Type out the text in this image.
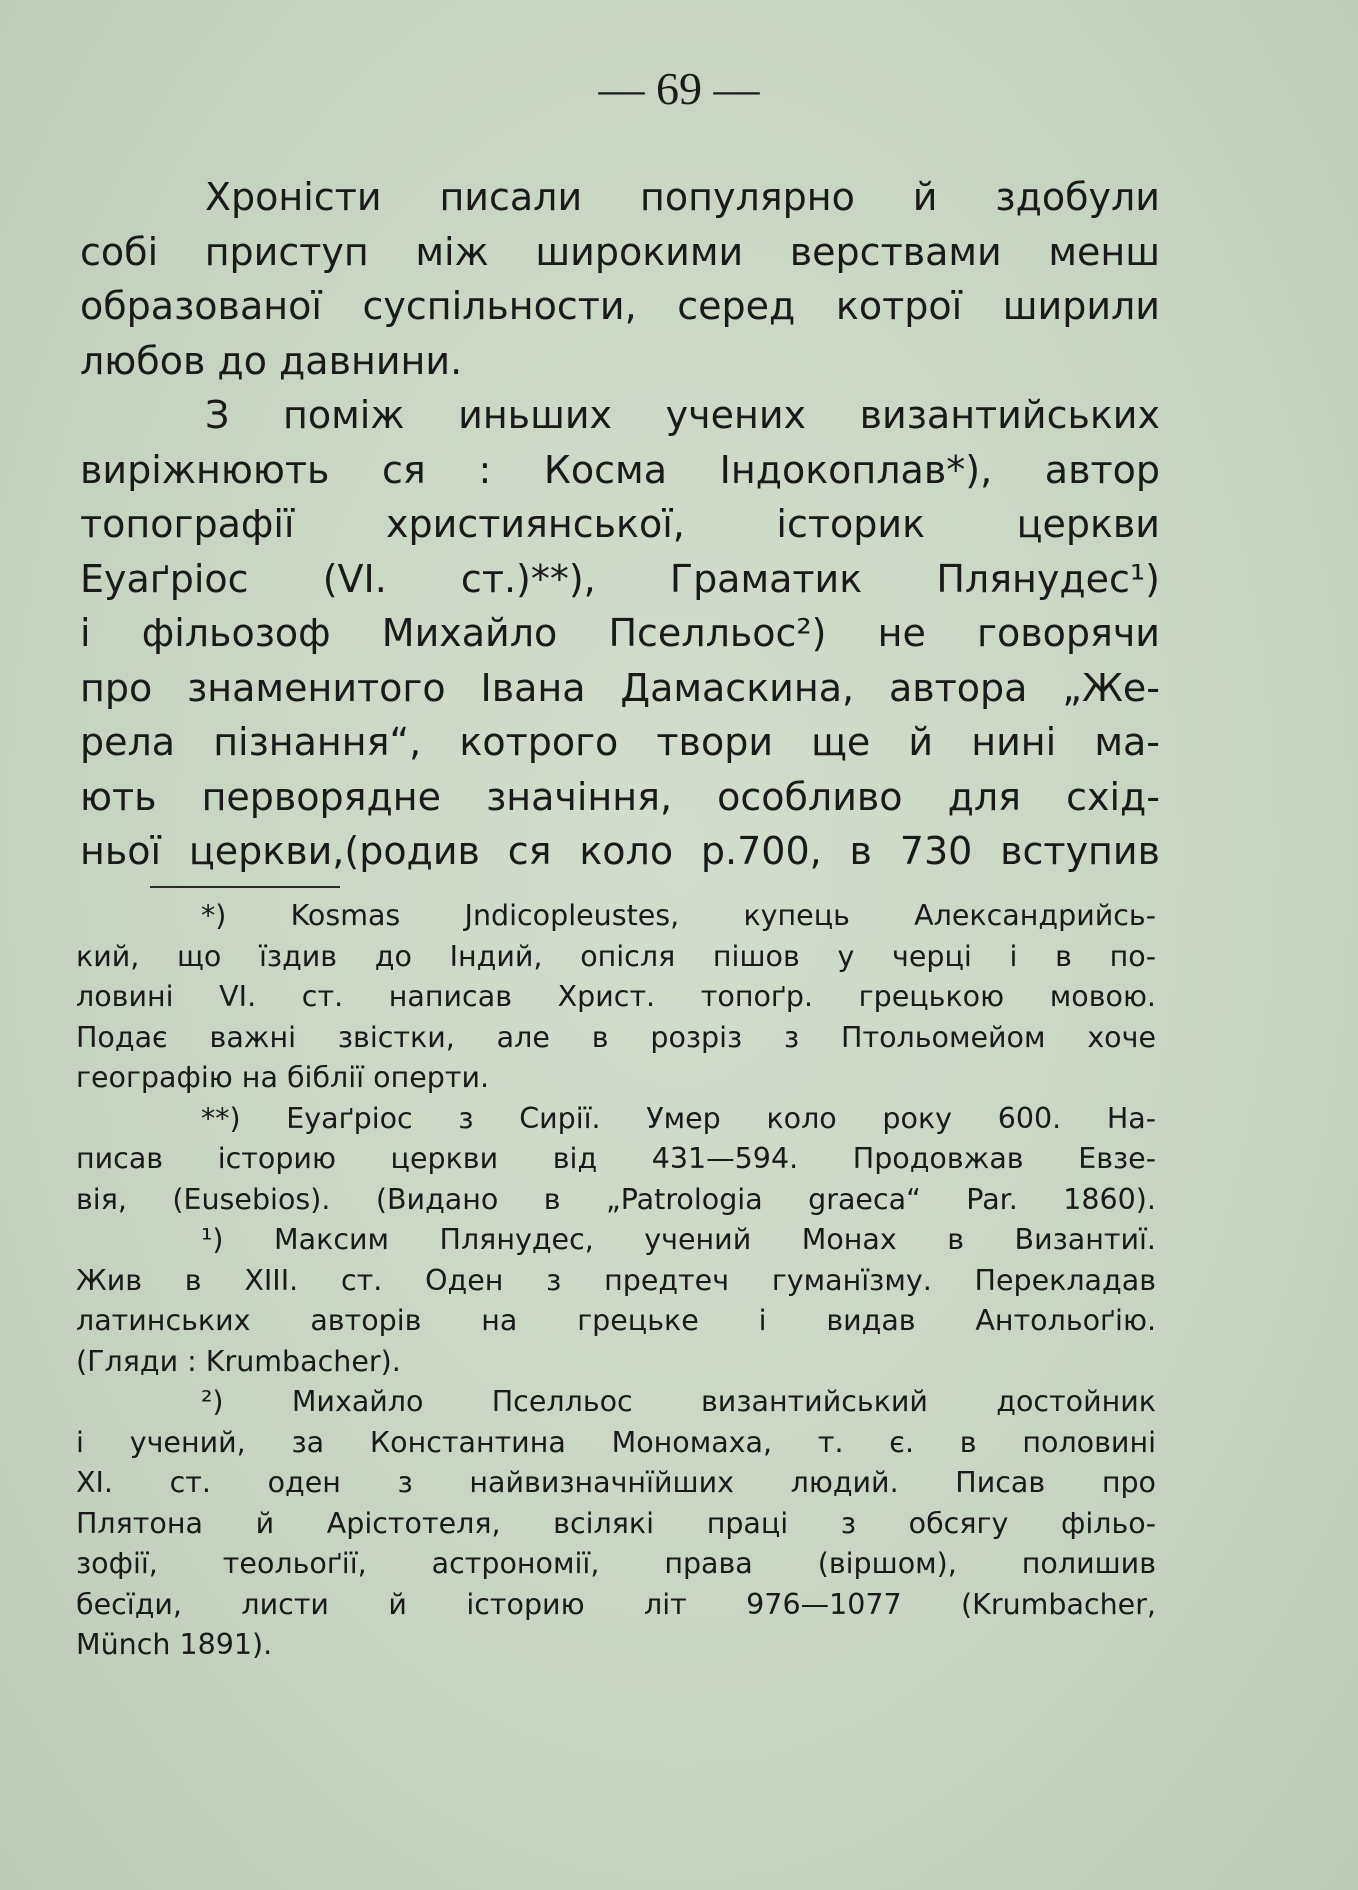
— 69 —
Хроністи писали популярно й здобули
собі приступ між широкими верствами менш
образованої суспільности, серед котрої ширили
любов до давнини.
З поміж иньших учених византийських
виріжнюють ся : Косма Індокоплав*), автор
топографії християнської, історик церкви
Еуаґріос (VI. ст.)**), Граматик Плянудес¹)
і фільозоф Михайло Пселльос²) не говорячи
про знаменитого Івана Дамаскина, автора „Же-
рела пізнання“, котрого твори ще й нині ма-
ють перворядне значіння, особливо для схід-
ньої церкви,(родив ся коло р.700, в 730 вступив
*) Kosmas Jndicopleustes, купець Александрийсь-
кий, що їздив до Індий, опісля пішов у черці і в по-
ловині VI. ст. написав Христ. топоґр. грецькою мовою.
Подає важні звістки, але в розріз з Птольомейом хоче
географію на біблії оперти.
**) Еуаґріос з Сирії. Умер коло року 600. На-
писав історию церкви від 431—594. Продовжав Евзе-
вія, (Eusebios). (Видано в „Patrologia graeca“ Par. 1860).
¹) Максим Плянудес, учений Монах в Византиї.
Жив в XIII. ст. Оден з предтеч гуманїзму. Перекладав
латинських авторів на грецьке і видав Антольоґію.
(Гляди : Krumbacher).
²) Михайло Пселльос византийський достойник
і учений, за Константина Мономаха, т. є. в половині
XI. ст. оден з найвизначнїйших людий. Писав про
Плятона й Арістотеля, всілякі праці з обсягу фільо-
зофії, теольоґії, астрономії, права (віршом), полишив
бесїди, листи й історию літ 976—1077 (Krumbacher,
Münch 1891).
